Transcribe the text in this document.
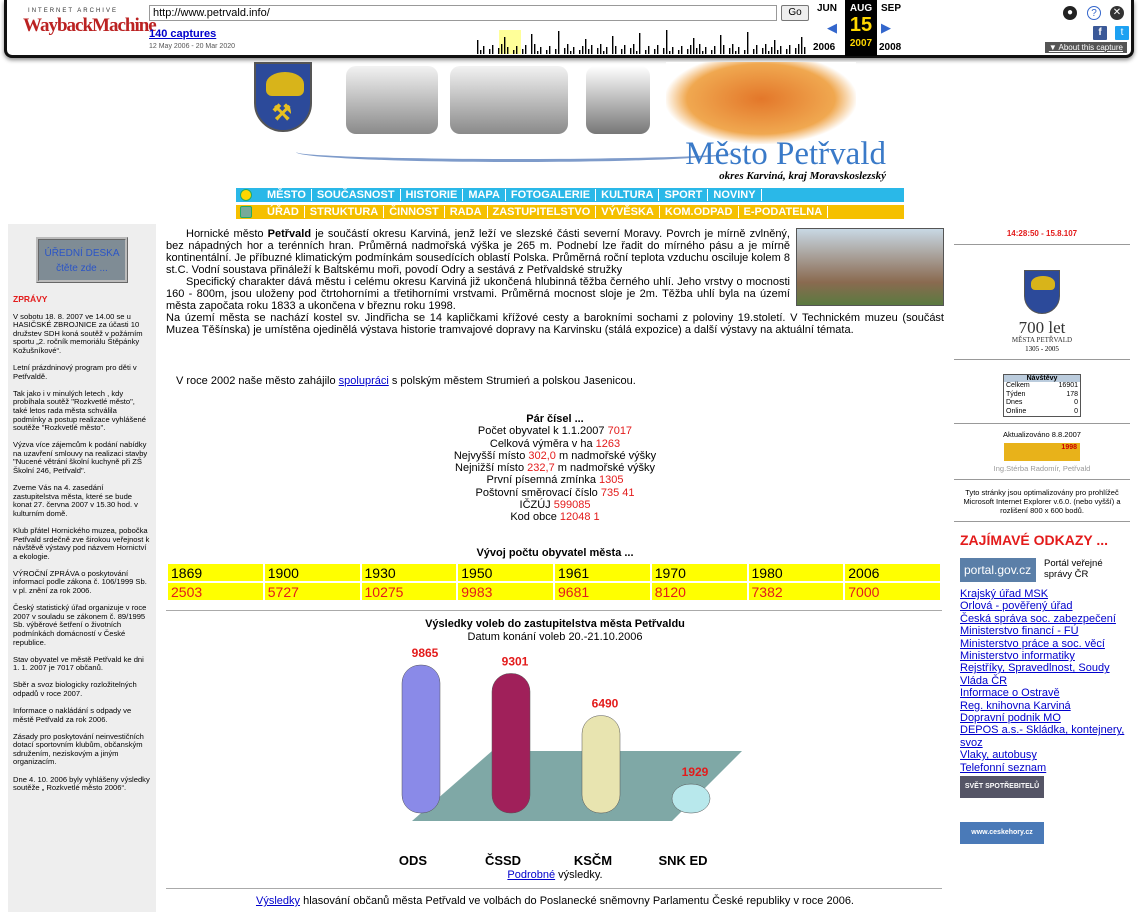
INTERNET ARCHIVE
WaybackMachine
http://www.petrvald.info/	Go
140 captures
12 May 2006 - 20 Mar 2020
JUN	SEP
◀	▶
AUG
15
2007
2006	2008
●	?	✕
f	t
▼ About this capture
⚒
Město Petřvald
okres Karviná, kraj Moravskoslezský
MĚSTO SOUČASNOST HISTORIE MAPA FOTOGALERIE KULTURA SPORT NOVINY
ÚŘAD STRUKTURA ČINNOST RADA ZASTUPITELSTVO VÝVĚSKA KOM.ODPAD E-PODATELNA
ÚŘEDNÍ DESKA
čtěte zde ...
ZPRÁVY

V sobotu 18. 8. 2007 ve 14.00 se u HASIČSKÉ ZBROJNICE za účasti 10 družstev SDH koná soutěž v požárním sportu „2. ročník memoriálu Štěpánky Kožušníkové“.

Letní prázdninový program pro děti v Petřvaldě.

Tak jako i v minulých letech , kdy probíhala soutěž "Rozkvetlé město", také letos rada města schválila podmínky a postup realizace vyhlášené soutěže "Rozkvetlé město".

Výzva více zájemcům k podání nabídky na uzavření smlouvy na realizaci stavby "Nucené větrání školní kuchyně při ZŠ Školní 246, Petřvald".

Zveme Vás na 4. zasedání zastupitelstva města, které se bude konat 27. června 2007 v 15.30 hod. v kulturním domě.

Klub přátel Hornického muzea, pobočka Petřvald srdečně zve širokou veřejnost k návštěvě výstavy pod názvem Hornictví a ekologie.

VÝROČNÍ ZPRÁVA o poskytování informací podle zákona č. 106/1999 Sb. v pl. znění za rok 2006.

Český statistický úřad organizuje v roce 2007 v souladu se zákonem č. 89/1995 Sb. výběrové šetření o životních podmínkách domácností v České republice.

Stav obyvatel ve městě Petřvald ke dni 1. 1. 2007 je 7017 občanů.

Sběr a svoz biologicky rozložitelných odpadů v roce 2007.

Informace o nakládání s odpady ve městě Petřvald za rok 2006.

Zásady pro poskytování neinvestičních dotací sportovním klubům, občanským sdružením, neziskovým a jiným organizacím.

Dne 4. 10. 2006 byly vyhlášeny výsledky soutěže „ Rozkvetlé město 2006“.

Hornické město Petřvald je součástí okresu Karviná, jenž leží ve slezské části severní Moravy. Povrch je mírně zvlněný, bez nápadných hor a terénních hran. Průměrná nadmořská výška je 265 m. Podnebí lze řadit do mírného pásu a je mírně kontinentální. Je příbuzné klimatickým podmínkám sousedících oblastí Polska. Průměrná roční teplota vzduchu osciluje kolem 8 st.C. Vodní soustava přináleží k Baltskému moři, povodí Odry a sestává z Petřvaldské stružky

Specifický charakter dává městu i celému okresu Karviná již ukončená hlubinná těžba černého uhlí. Jeho vrstvy o mocnosti 160 - 800m, jsou uloženy pod čtrtohorními a třetihorními vrstvami. Průměrná mocnost sloje je 2m. Těžba uhlí byla na území města započata roku 1833 a ukončena v březnu roku 1998.

Na území města se nachází kostel sv. Jindřicha se 14 kapličkami křížové cesty a barokními sochami z poloviny 19.století. V Technickém muzeu (součást Muzea Těšínska) je umístěna ojedinělá výstava historie tramvajové dopravy na Karvinsku (stálá expozice) a další výstavy na aktuální témata.

V roce 2002 naše město zahájilo spolupráci s polským městem Strumień a polskou Jasenicou.
Pár čísel ...
Počet obyvatel k 1.1.2007 7017
Celková výměra v ha 1263
Nejvyšší místo 302,0 m nadmořské výšky
Nejnižší místo 232,7 m nadmořské výšky
První písemná zmínka 1305
Poštovní směrovací číslo 735 41
IČZÚJ 599085
Kod obce 12048 1
Vývoj počtu obyvatel města ...
1869	1900	1930	1950	1961	1970	1980	2006
2503	5727	10275	9983	9681	8120	7382	7000
Výsledky voleb do zastupitelstva města Petřvaldu
Datum konání voleb 20.-21.10.2006
9865
ODS
9301
ČSSD
6490
KSČM
1929
SNK ED
Podrobné výsledky.
Výsledky hlasování občanů města Petřvald ve volbách do Poslanecké sněmovny Parlamentu České republiky v roce 2006.
14:28:50 - 15.8.107
700 let
MĚSTA PETŘVALD
1305 - 2005
Návštěvy
Celkem	16901
Týden	178
Dnes	0
Online	0
Aktualizováno 8.8.2007
1998
Ing.Stérba Radomír, Petřvald
Tyto stránky jsou optimalizovány pro prohlížeč Microsoft Internet Explorer v.6.0. (nebo vyšší) a rozlišení 800 x 600 bodů.
ZAJÍMAVÉ ODKAZY ...
portal.gov.cz	Portál veřejné správy ČR
Krajský úřad MSK
Orlová - pověřený úřad
Česká správa soc. zabezpečení
Ministerstvo financí - FÚ
Ministerstvo práce a soc. věcí
Ministerstvo informatiky
Rejstříky, Spravedlnost, Soudy
Vláda ČR
Informace o Ostravě
Reg. knihovna Karviná
Dopravní podnik MO
DEPOS a.s.- Skládka, kontejnery, svoz
Vlaky, autobusy
Telefonní seznam
SVĚT SPOTŘEBITELŮ
www.ceskehory.cz
